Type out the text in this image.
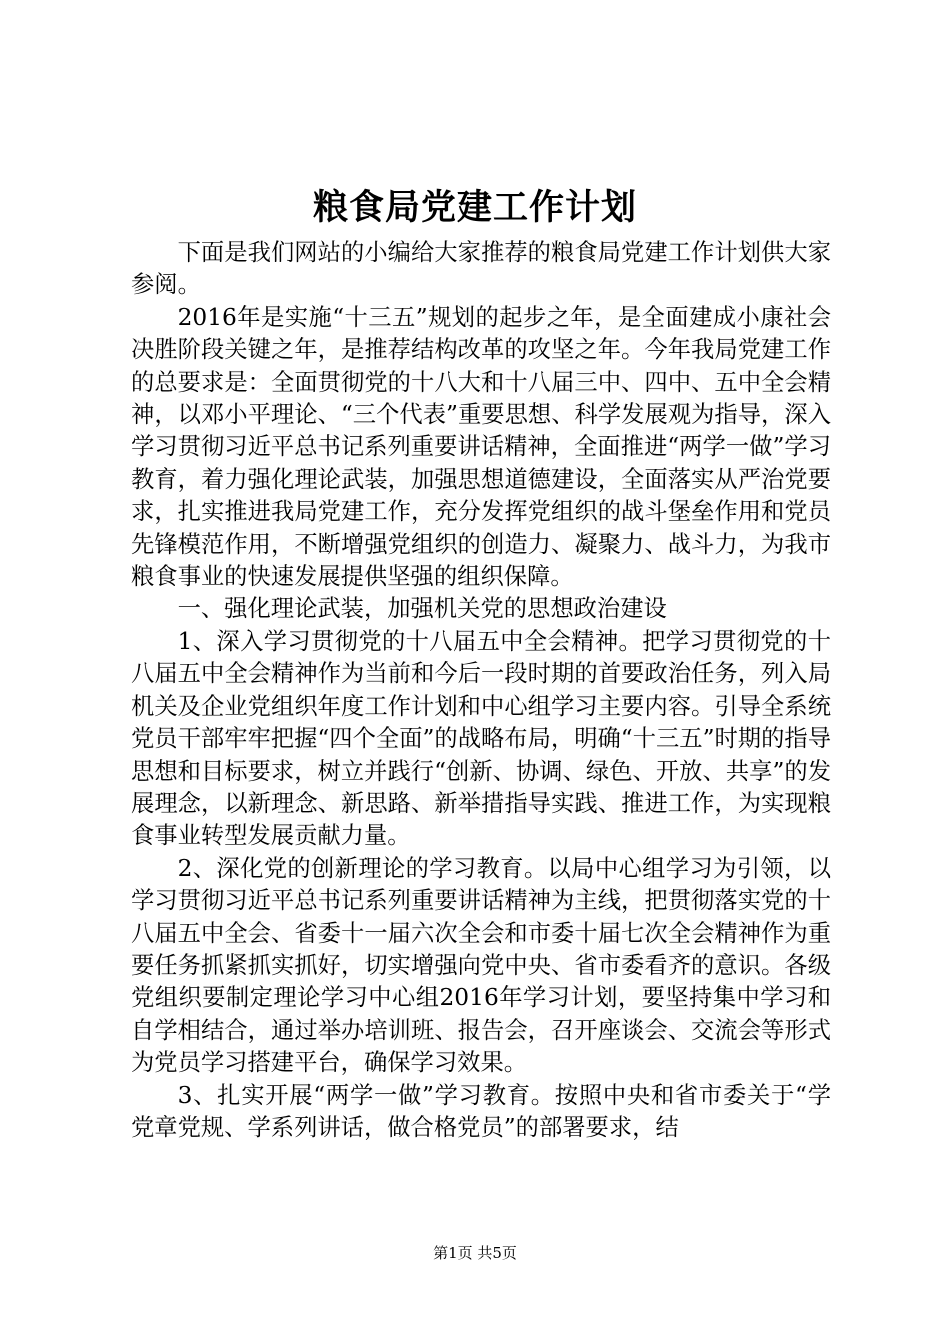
粮食局党建工作计划

下面是我们网站的小编给大家推荐的粮食局党建工作计划供大家参阅。

2016年是实施“十三五”规划的起步之年，是全面建成小康社会决胜阶段关键之年，是推荐结构改革的攻坚之年。今年我局党建工作的总要求是：全面贯彻党的十八大和十八届三中、四中、五中全会精神，以邓小平理论、“三个代表”重要思想、科学发展观为指导，深入学习贯彻习近平总书记系列重要讲话精神，全面推进“两学一做”学习教育，着力强化理论武装，加强思想道德建设，全面落实从严治党要求，扎实推进我局党建工作，充分发挥党组织的战斗堡垒作用和党员先锋模范作用，不断增强党组织的创造力、凝聚力、战斗力，为我市粮食事业的快速发展提供坚强的组织保障。

一、强化理论武装，加强机关党的思想政治建设

1、深入学习贯彻党的十八届五中全会精神。把学习贯彻党的十八届五中全会精神作为当前和今后一段时期的首要政治任务，列入局机关及企业党组织年度工作计划和中心组学习主要内容。引导全系统党员干部牢牢把握“四个全面”的战略布局，明确“十三五”时期的指导思想和目标要求，树立并践行“创新、协调、绿色、开放、共享”的发展理念，以新理念、新思路、新举措指导实践、推进工作，为实现粮食事业转型发展贡献力量。

2、深化党的创新理论的学习教育。以局中心组学习为引领，以学习贯彻习近平总书记系列重要讲话精神为主线，把贯彻落实党的十八届五中全会、省委十一届六次全会和市委十届七次全会精神作为重要任务抓紧抓实抓好，切实增强向党中央、省市委看齐的意识。各级党组织要制定理论学习中心组2016年学习计划，要坚持集中学习和自学相结合，通过举办培训班、报告会，召开座谈会、交流会等形式为党员学习搭建平台，确保学习效果。

3、扎实开展“两学一做”学习教育。按照中央和省市委关于“学党章党规、学系列讲话，做合格党员”的部署要求，结

第1页 共5页
